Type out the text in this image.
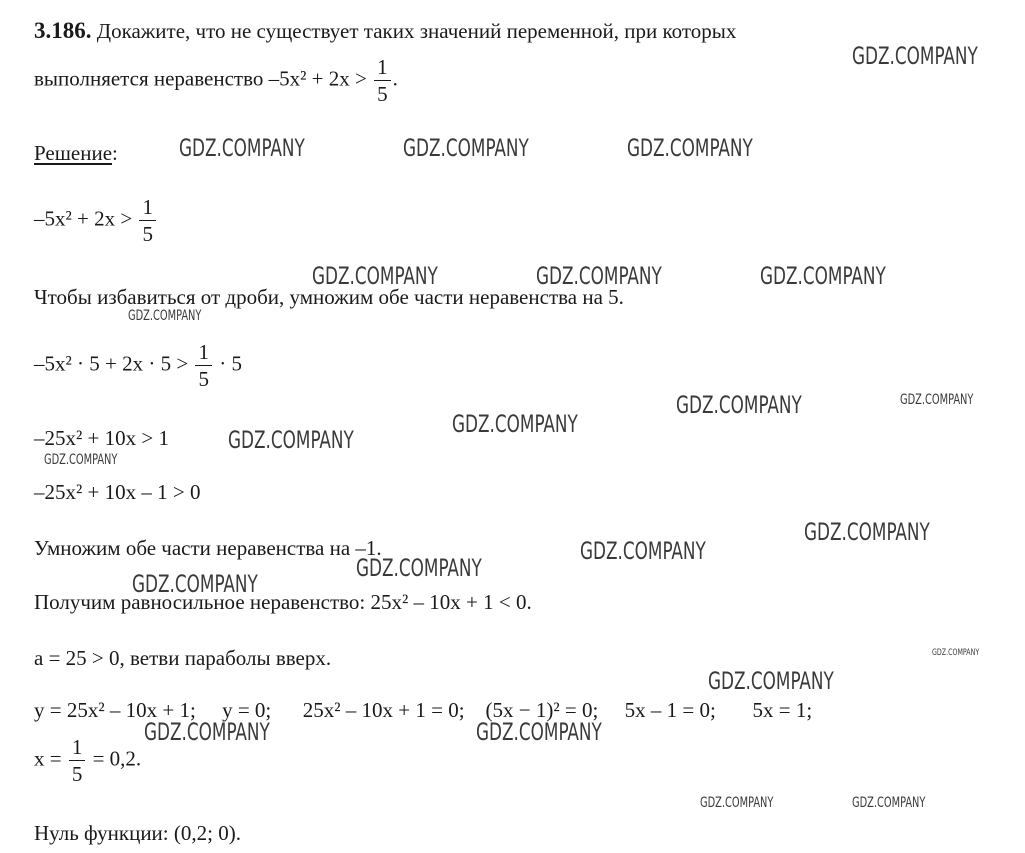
3.186. Докажите, что не существует таких значений переменной, при которых
выполняется неравенство $-5x^2 + 2x > \frac{1}{5}$ .
Решение:
$-5x^2 + 2x > \frac{1}{5}$
Чтобы избавиться от дроби, умножим обе части неравенства на 5.
$-5x^2 \cdot 5 + 2x \cdot 5 > \frac{1}{5} \cdot 5$
–25x² + 10x > 1
–25x² + 10x – 1 > 0
Умножим обе части неравенства на –1.
Получим равносильное неравенство: 25x² – 10x + 1 < 0.
a = 25 > 0, ветви параболы вверх.
y = 25x² – 10x + 1;     y = 0;      25x² – 10x + 1 = 0;    (5x − 1)² = 0;     5x – 1 = 0;       5x = 1;
$x = \frac{1}{5} = 0,2$.
Нуль функции: (0,2; 0).
GDZ.COMPANY
GDZ.COMPANY	GDZ.COMPANY	GDZ.COMPANY
GDZ.COMPANY	GDZ.COMPANY	GDZ.COMPANY
GDZ.COMPANY
GDZ.COMPANY	GDZ.COMPANY
GDZ.COMPANY
GDZ.COMPANY
GDZ.COMPANY
GDZ.COMPANY
GDZ.COMPANY
GDZ.COMPANY
GDZ.COMPANY
GDZ.COMPANY
GDZ.COMPANY
GDZ.COMPANY	GDZ.COMPANY
GDZ.COMPANY	GDZ.COMPANY
